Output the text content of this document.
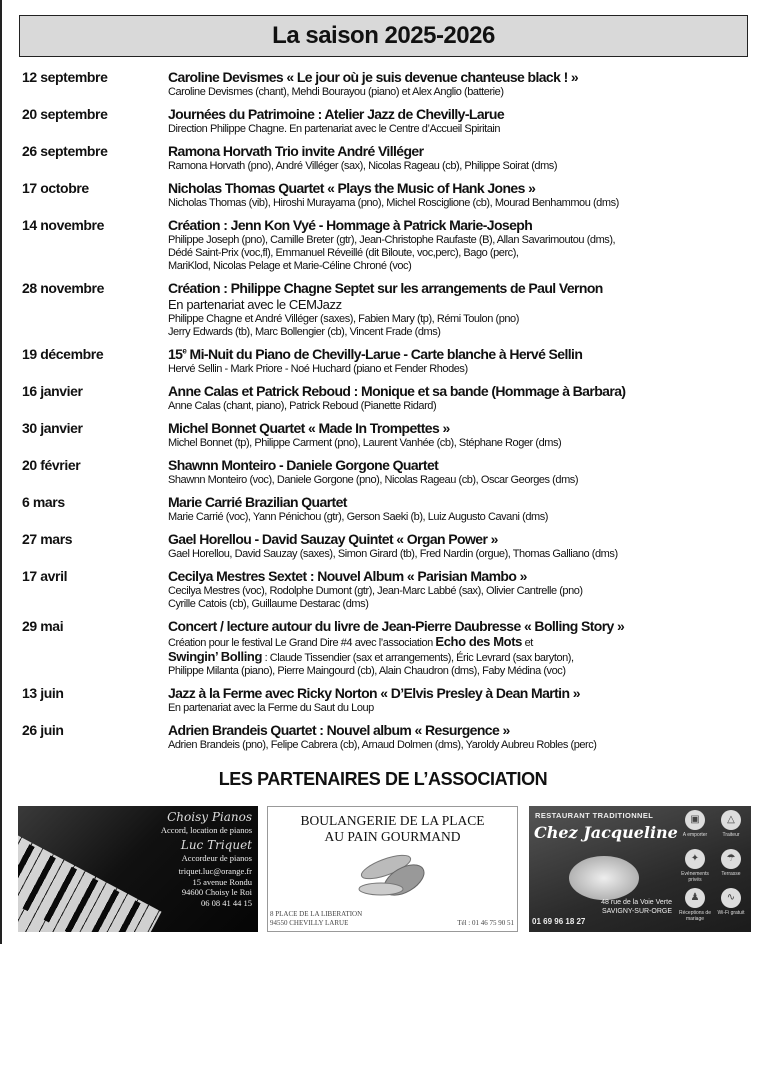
La saison 2025-2026
12 septembre	Caroline Devismes « Le jour où je suis devenue chanteuse black ! »
Caroline Devismes (chant), Mehdi Bourayou (piano) et Alex Anglio (batterie)
20 septembre	Journées du Patrimoine : Atelier Jazz de Chevilly-Larue
Direction Philippe Chagne. En partenariat avec le Centre d’Accueil Spiritain
26 septembre	Ramona Horvath Trio invite André Villéger
Ramona Horvath (pno), André Villéger (sax), Nicolas Rageau (cb), Philippe Soirat (dms)
17 octobre	Nicholas Thomas Quartet « Plays the Music of Hank Jones »
Nicholas Thomas (vib), Hiroshi Murayama (pno), Michel Rosciglione (cb), Mourad Benhammou (dms)
14 novembre	Création : Jenn Kon Vyé - Hommage à Patrick Marie-Joseph
Philippe Joseph (pno), Camille Breter (gtr), Jean-Christophe Raufaste (B), Allan Savarimoutou (dms),
Dédé Saint-Prix (voc,fl), Emmanuel Réveillé (dit Biloute, voc,perc), Bago (perc),
MariKlod, Nicolas Pelage et Marie-Céline Chroné (voc)
28 novembre	Création : Philippe Chagne Septet sur les arrangements de Paul Vernon
En partenariat avec le CEMJazz
Philippe Chagne et André Villéger (saxes), Fabien Mary (tp), Rémi Toulon (pno)
Jerry Edwards (tb), Marc Bollengier (cb), Vincent Frade (dms)
19 décembre	15e Mi-Nuit du Piano de Chevilly-Larue - Carte blanche à Hervé Sellin
Hervé Sellin - Mark Priore - Noé Huchard (piano et Fender Rhodes)
16 janvier	Anne Calas et Patrick Reboud : Monique et sa bande (Hommage à Barbara)
Anne Calas (chant, piano), Patrick Reboud (Pianette Ridard)
30 janvier	Michel Bonnet Quartet « Made In Trompettes »
Michel Bonnet (tp), Philippe Carment (pno), Laurent Vanhée (cb), Stéphane Roger (dms)
20 février	Shawnn Monteiro - Daniele Gorgone Quartet
Shawnn Monteiro (voc), Daniele Gorgone (pno), Nicolas Rageau (cb), Oscar Georges (dms)
6 mars	Marie Carrié Brazilian Quartet
Marie Carrié (voc), Yann Pénichou (gtr), Gerson Saeki (b), Luiz Augusto Cavani (dms)
27 mars	Gael Horellou - David Sauzay Quintet « Organ Power »
Gael Horellou, David Sauzay (saxes), Simon Girard (tb), Fred Nardin (orgue), Thomas Galliano (dms)
17 avril	Cecilya Mestres Sextet : Nouvel Album « Parisian Mambo »
Cecilya Mestres (voc), Rodolphe Dumont (gtr), Jean-Marc Labbé (sax), Olivier Cantrelle (pno)
Cyrille Catois (cb), Guillaume Destarac (dms)
29 mai	Concert / lecture autour du livre de Jean-Pierre Daubresse « Bolling Story »
Création pour le festival Le Grand Dire #4 avec l’association Echo des Mots et
Swingin’ Bolling : Claude Tissendier (sax et arrangements), Éric Levrard (sax baryton),
Philippe Milanta (piano), Pierre Maingourd (cb), Alain Chaudron (dms), Faby Médina (voc)
13 juin	Jazz à la Ferme avec Ricky Norton « D’Elvis Presley à Dean Martin »
En partenariat avec la Ferme du Saut du Loup
26 juin	Adrien Brandeis Quartet : Nouvel album « Resurgence »
Adrien Brandeis (pno), Felipe Cabrera (cb), Arnaud Dolmen (dms), Yaroldy Aubreu Robles (perc)
LES PARTENAIRES DE L’ASSOCIATION
Choisy Pianos
Accord, location de pianos
Luc Triquet
Accordeur de pianos
triquet.luc@orange.fr
15 avenue Rondu
94600 Choisy le Roi
06 08 41 44 15
BOULANGERIE DE LA PLACE
AU PAIN GOURMAND
8 PLACE DE LA LIBERATION
94550 CHEVILLY LARUE	Tél : 01 46 75 90 51
RESTAURANT TRADITIONNEL
Chez Jacqueline
48 rue de la Voie Verte
SAVIGNY-SUR-ORGE
01 69 96 18 27
▣
A emporter
△
Traiteur
✦
Evénements privés
☂
Terrasse
♟
Réceptions de mariage
∿
Wi-Fi gratuit
